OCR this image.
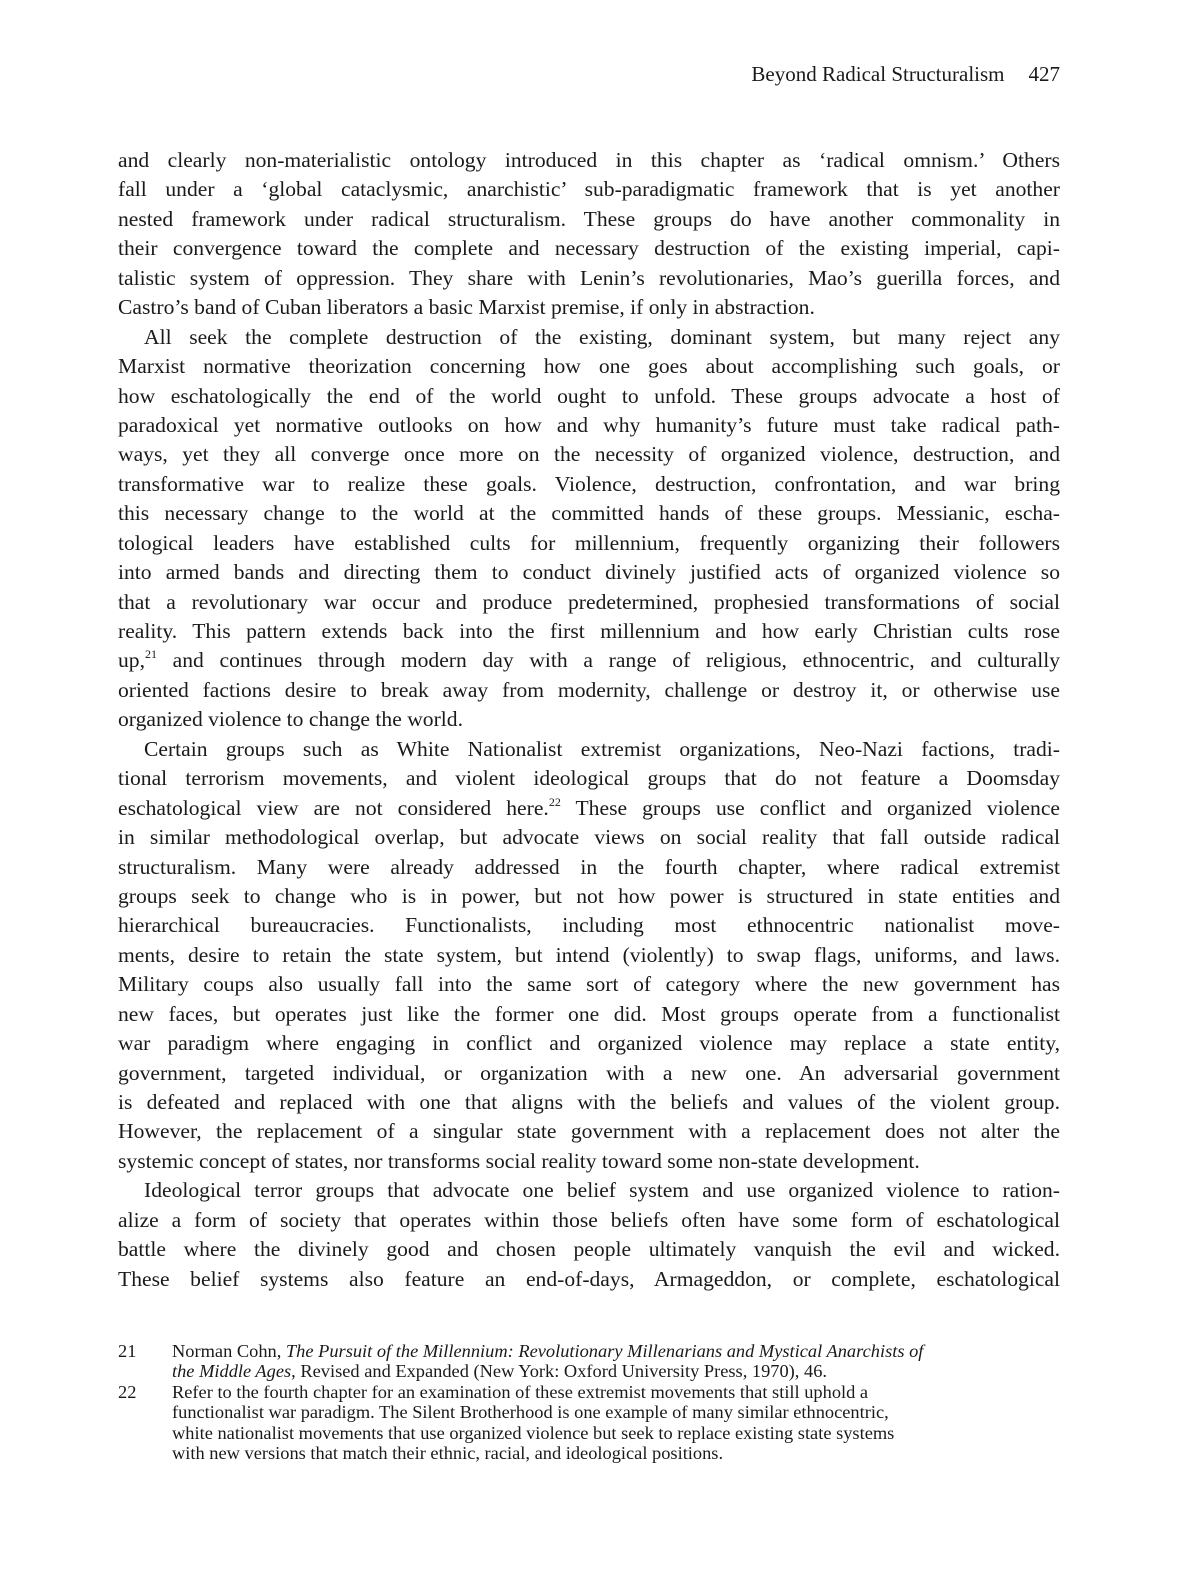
Beyond Radical Structuralism 427
and clearly non-materialistic ontology introduced in this chapter as ‘radical omnism.’ Others
fall under a ‘global cataclysmic, anarchistic’ sub-paradigmatic framework that is yet another
nested framework under radical structuralism. These groups do have another commonality in
their convergence toward the complete and necessary destruction of the existing imperial, capi-
talistic system of oppression. They share with Lenin’s revolutionaries, Mao’s guerilla forces, and
Castro’s band of Cuban liberators a basic Marxist premise, if only in abstraction.
All seek the complete destruction of the existing, dominant system, but many reject any
Marxist normative theorization concerning how one goes about accomplishing such goals, or
how eschatologically the end of the world ought to unfold. These groups advocate a host of
paradoxical yet normative outlooks on how and why humanity’s future must take radical path-
ways, yet they all converge once more on the necessity of organized violence, destruction, and
transformative war to realize these goals. Violence, destruction, confrontation, and war bring
this necessary change to the world at the committed hands of these groups. Messianic, escha-
tological leaders have established cults for millennium, frequently organizing their followers
into armed bands and directing them to conduct divinely justified acts of organized violence so
that a revolutionary war occur and produce predetermined, prophesied transformations of social
reality. This pattern extends back into the first millennium and how early Christian cults rose
up,$^{21}$ and continues through modern day with a range of religious, ethnocentric, and culturally
oriented factions desire to break away from modernity, challenge or destroy it, or otherwise use
organized violence to change the world.
Certain groups such as White Nationalist extremist organizations, Neo-Nazi factions, tradi-
tional terrorism movements, and violent ideological groups that do not feature a Doomsday
eschatological view are not considered here.$^{22}$ These groups use conflict and organized violence
in similar methodological overlap, but advocate views on social reality that fall outside radical
structuralism. Many were already addressed in the fourth chapter, where radical extremist
groups seek to change who is in power, but not how power is structured in state entities and
hierarchical bureaucracies. Functionalists, including most ethnocentric nationalist move-
ments, desire to retain the state system, but intend (violently) to swap flags, uniforms, and laws.
Military coups also usually fall into the same sort of category where the new government has
new faces, but operates just like the former one did. Most groups operate from a functionalist
war paradigm where engaging in conflict and organized violence may replace a state entity,
government, targeted individual, or organization with a new one. An adversarial government
is defeated and replaced with one that aligns with the beliefs and values of the violent group.
However, the replacement of a singular state government with a replacement does not alter the
systemic concept of states, nor transforms social reality toward some non-state development.
Ideological terror groups that advocate one belief system and use organized violence to ration-
alize a form of society that operates within those beliefs often have some form of eschatological
battle where the divinely good and chosen people ultimately vanquish the evil and wicked.
These belief systems also feature an end-of-days, Armageddon, or complete, eschatological
21 Norman Cohn, The Pursuit of the Millennium: Revolutionary Millenarians and Mystical Anarchists of
the Middle Ages, Revised and Expanded (New York: Oxford University Press, 1970), 46.
22 Refer to the fourth chapter for an examination of these extremist movements that still uphold a
functionalist war paradigm. The Silent Brotherhood is one example of many similar ethnocentric,
white nationalist movements that use organized violence but seek to replace existing state systems
with new versions that match their ethnic, racial, and ideological positions.
